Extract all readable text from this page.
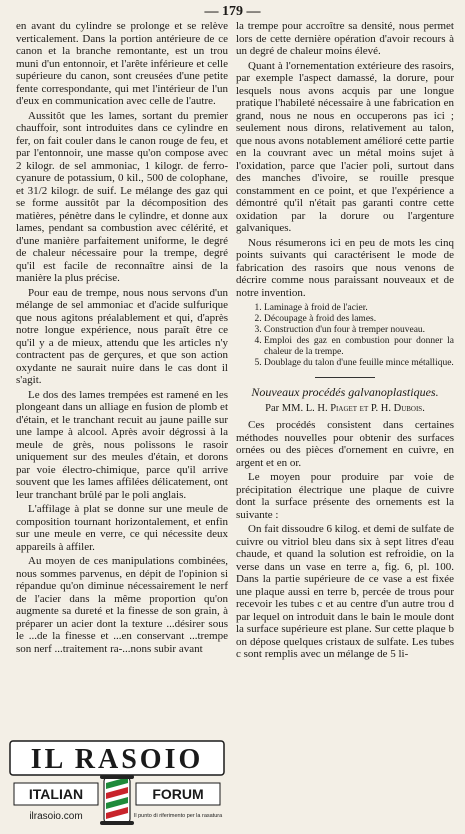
— 179 —

en avant du cylindre se prolonge et se relève verticalement. Dans la portion antérieure de ce canon et la branche remontante, est un trou muni d'un entonnoir, et l'arête inférieure et celle supérieure du canon, sont creusées d'une petite fente correspondante, qui met l'intérieur de l'un d'eux en communication avec celle de l'autre.

Aussitôt que les lames, sortant du premier chauffoir, sont introduites dans ce cylindre en fer, on fait couler dans le canon rouge de feu, et par l'entonnoir, une masse qu'on compose avec 2 kilogr. de sel ammoniac, 1 kilogr. de ferro-cyanure de potassium, 0 kil., 500 de colophane, et 31/2 kilogr. de suif. Le mélange des gaz qui se forme aussitôt par la décomposition des matières, pénètre dans le cylindre, et donne aux lames, pendant sa combustion avec célérité, et d'une manière parfaitement uniforme, le degré de chaleur nécessaire pour la trempe, degré qu'il est facile de reconnaître ainsi de la manière la plus précise.

Pour eau de trempe, nous nous servons d'un mélange de sel ammoniac et d'acide sulfurique que nous agitons préalablement et qui, d'après notre longue expérience, nous paraît être ce qu'il y a de mieux, attendu que les articles n'y contractent pas de gerçures, et que son action oxydante ne saurait nuire dans le cas dont il s'agit.

Le dos des lames trempées est ramené en les plongeant dans un alliage en fusion de plomb et d'étain, et le tranchant recuit au jaune paille sur une lampe à alcool. Après avoir dégrossi à la meule de grès, nous polissons le rasoir uniquement sur des meules d'étain, et dorons par voie électro-chimique, parce qu'il arrive souvent que les lames affilées délicatement, ont leur tranchant brûlé par le poli anglais.

L'affilage à plat se donne sur une meule de composition tournant horizontalement, et enfin sur une meule en verre, ce qui nécessite deux appareils à affiler.

Au moyen de ces manipulations combinées, nous sommes parvenus, en dépit de l'opinion si répandue qu'on diminue nécessairement le nerf de l'acier dans la même proportion qu'on augmente sa dureté et la finesse de son grain, à préparer un acier dont la texture ...désirer sous le ...de la finesse et ...en conservant ...trempe son nerf ...traitement ra-...nons subir avant

la trempe pour accroître sa densité, nous permet lors de cette dernière opération d'avoir recours à un degré de chaleur moins élevé.

Quant à l'ornementation extérieure des rasoirs, par exemple l'aspect damassé, la dorure, pour lesquels nous avons acquis par une longue pratique l'habileté nécessaire à une fabrication en grand, nous ne nous en occuperons pas ici ; seulement nous dirons, relativement au talon, que nous avons notablement amélioré cette partie en la couvrant avec un métal moins sujet à l'oxidation, parce que l'acier poli, surtout dans des manches d'ivoire, se rouille presque constamment en ce point, et que l'expérience a démontré qu'il n'était pas garanti contre cette oxidation par la dorure ou l'argenture galvaniques.

Nous résumerons ici en peu de mots les cinq points suivants qui caractérisent le mode de fabrication des rasoirs que nous venons de décrire comme nous paraissant nouveaux et de notre invention.

1. Laminage à froid de l'acier.
2. Découpage à froid des lames.
3. Construction d'un four à tremper nouveau.
4. Emploi des gaz en combustion pour donner la chaleur de la trempe.
5. Doublage du talon d'une feuille mince métallique.
Nouveaux procédés galvanoplastiques.
Par MM. L. H. Piaget et P. H. Dubois.

Ces procédés consistent dans certaines méthodes nouvelles pour obtenir des surfaces ornées ou des pièces d'ornement en cuivre, en argent et en or.

Le moyen pour produire par voie de précipitation électrique une plaque de cuivre dont la surface présente des ornements est la suivante :

On fait dissoudre 6 kilog. et demi de sulfate de cuivre ou vitriol bleu dans six à sept litres d'eau chaude, et quand la solution est refroidie, on la verse dans un vase en terre a, fig. 6, pl. 100. Dans la partie supérieure de ce vase a est fixée une plaque aussi en terre b, percée de trous pour recevoir les tubes c et au centre d'un autre trou d par lequel on introduit dans le bain le moule dont la surface supérieure est plane. Sur cette plaque b on dépose quelques cristaux de sulfate. Les tubes c sont remplis avec un mélange de 5 li-

IL RASOIO
ITALIAN
ilrasoio.com
FORUM
Il punto di riferimento per la rasatura
